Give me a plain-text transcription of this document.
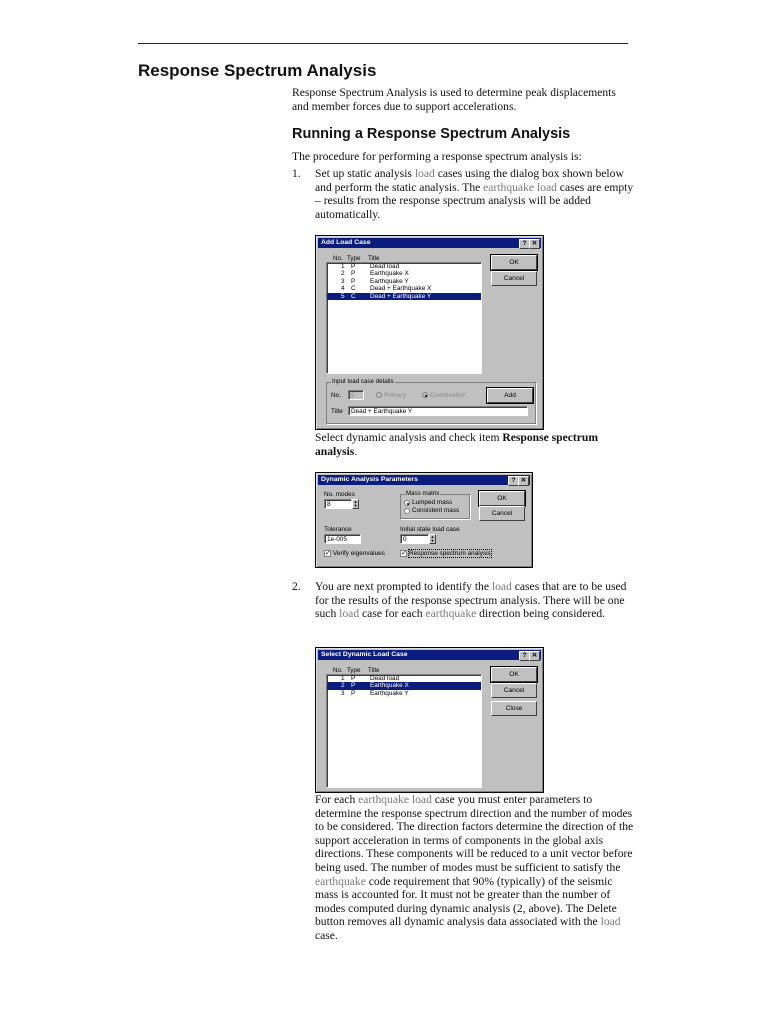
Response Spectrum Analysis

Response Spectrum Analysis is used to determine peak displacements and member forces due to support accelerations.

Running a Response Spectrum Analysis

The procedure for performing a response spectrum analysis is:

1. Set up static analysis load cases using the dialog box shown below and perform the static analysis. The earthquake load cases are empty – results from the response spectrum analysis will be added automatically.

Add Load Case	? ✕
No. Type Title
1 P Dead load
2 P Earthquake X
3 P Earthquake Y
4 C Dead + Earthquake X
5 C Dead + Earthquake Y
OK
Cancel
Input load case details
No.	5	Primary	Combination	Add
Title	Dead + Earthquake Y

Select dynamic analysis and check item Response spectrum analysis.

Dynamic Analysis Parameters	? ✕
No. modes
8	▲
▼
Mass matrix
Lumped mass
Consistent mass
OK
Cancel
Tolerance
1e-005
Initial state load case
0	▲
▼
✓ Verify eigenvalues ✓ Response spectrum analysis
2. You are next prompted to identify the load cases that are to be used for the results of the response spectrum analysis. There will be one such load case for each earthquake direction being considered.

Select Dynamic Load Case	? ✕
No. Type Title
1 P Dead load
2 P Earthquake X
3 P Earthquake Y
OK
Cancel
Close

For each earthquake load case you must enter parameters to determine the response spectrum direction and the number of modes to be considered. The direction factors determine the direction of the support acceleration in terms of components in the global axis directions. These components will be reduced to a unit vector before being used. The number of modes must be sufficient to satisfy the earthquake code requirement that 90% (typically) of the seismic mass is accounted for. It must not be greater than the number of modes computed during dynamic analysis (2, above). The Delete button removes all dynamic analysis data associated with the load case.
